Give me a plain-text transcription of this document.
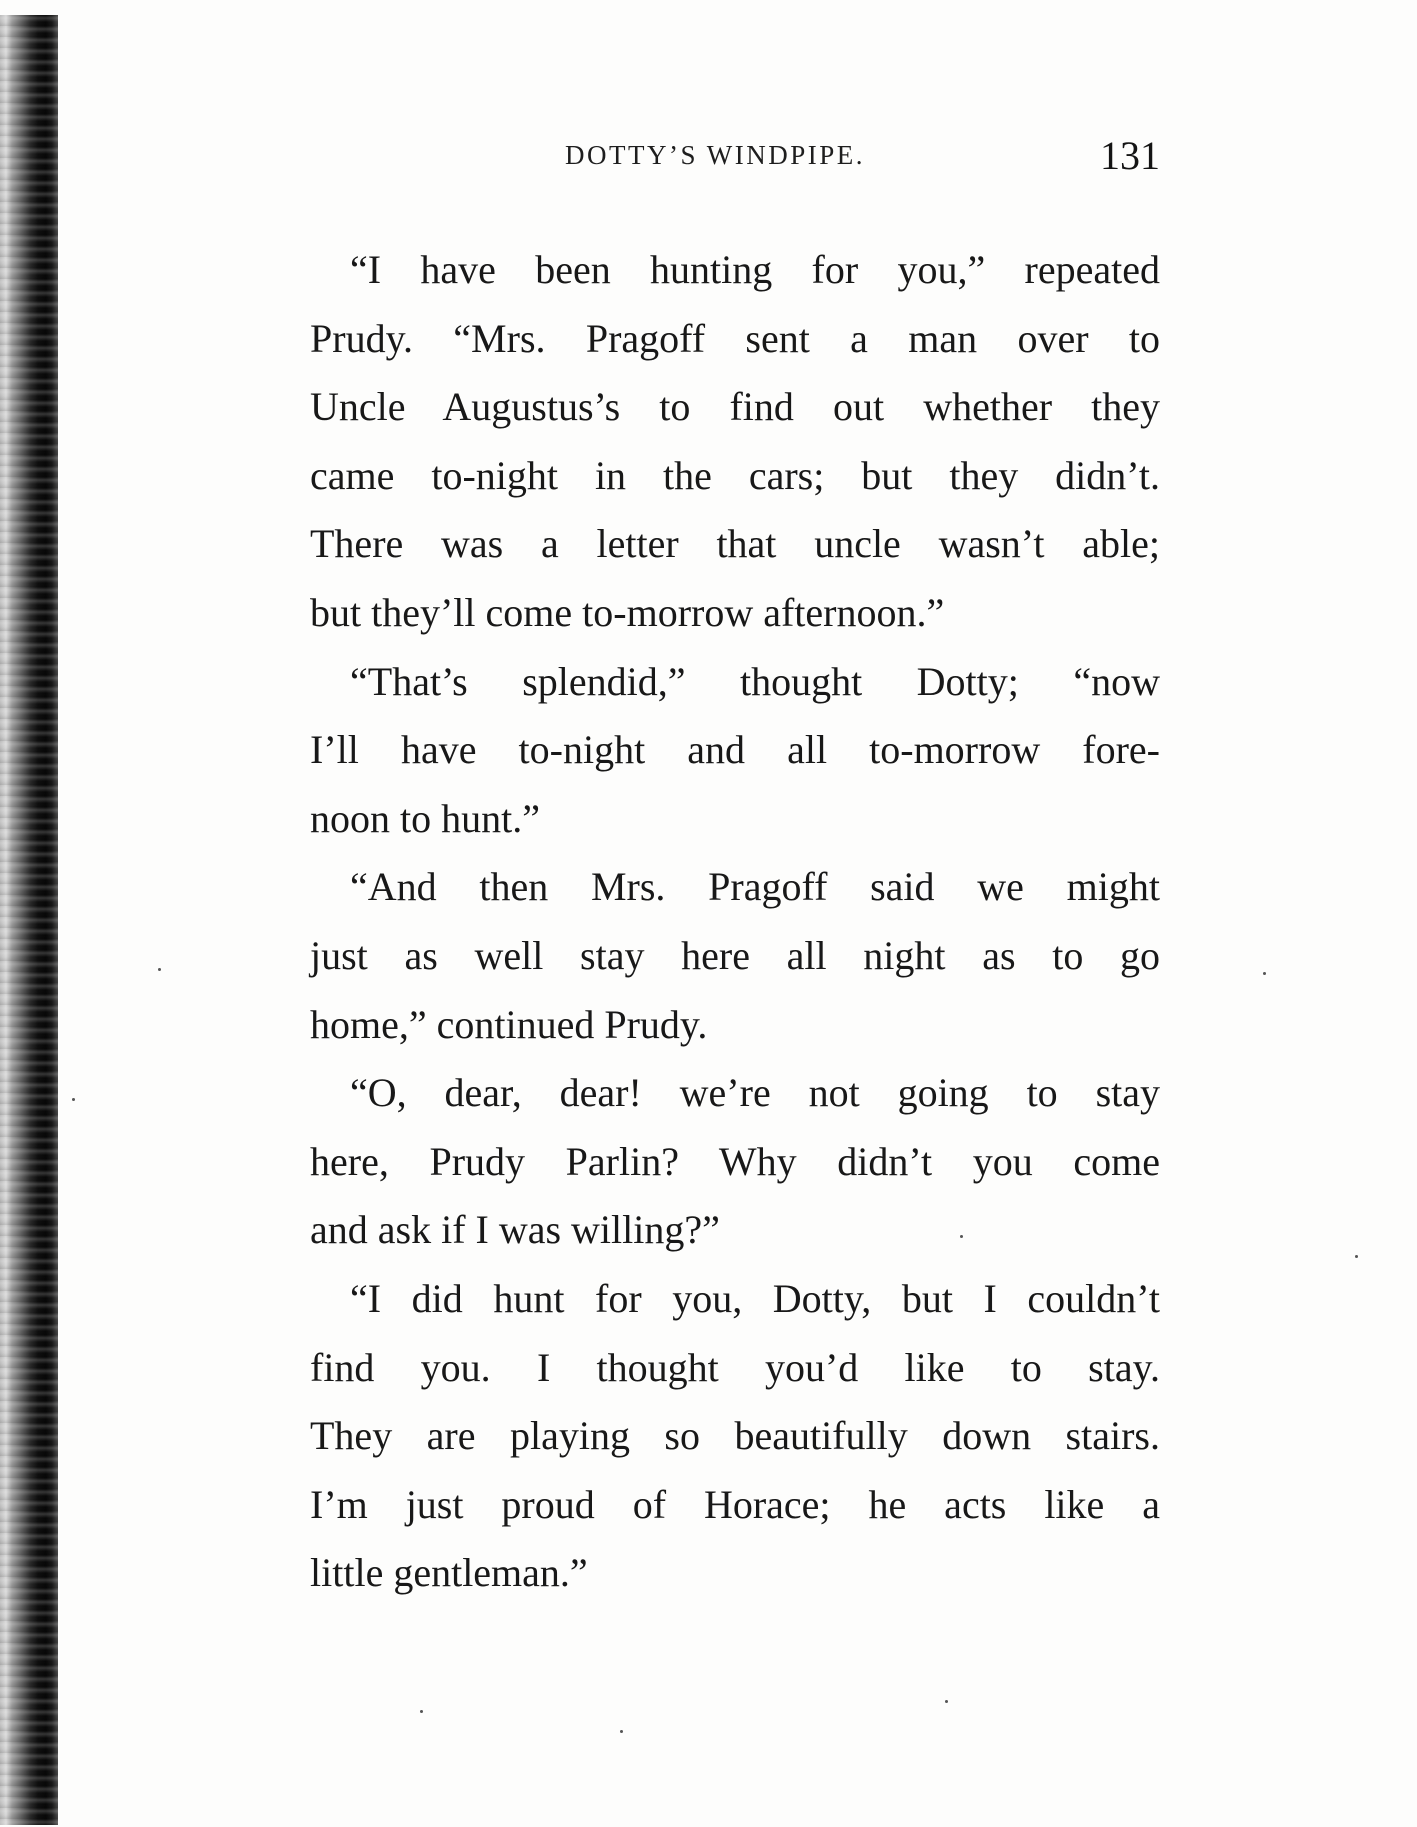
DOTTY’S WINDPIPE.	131
“I have been hunting for you,” repeated
Prudy. “Mrs. Pragoff sent a man over to
Uncle Augustus’s to find out whether they
came to-night in the cars; but they didn’t.
There was a letter that uncle wasn’t able;
but they’ll come to-morrow afternoon.”
“That’s splendid,” thought Dotty; “now
I’ll have to-night and all to-morrow fore-
noon to hunt.”
“And then Mrs. Pragoff said we might
just as well stay here all night as to go
home,” continued Prudy.
“O, dear, dear! we’re not going to stay
here, Prudy Parlin? Why didn’t you come
and ask if I was willing?”
“I did hunt for you, Dotty, but I couldn’t
find you. I thought you’d like to stay.
They are playing so beautifully down stairs.
I’m just proud of Horace; he acts like a
little gentleman.”
